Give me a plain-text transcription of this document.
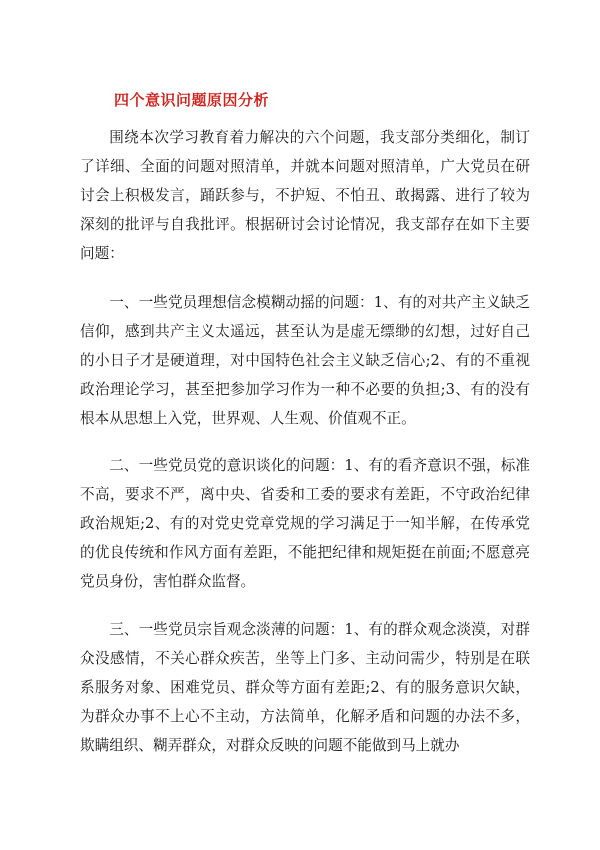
四个意识问题原因分析

围绕本次学习教育着力解决的六个问题，我支部分类细化，制订了详细、全面的问题对照清单，并就本问题对照清单，广大党员在研讨会上积极发言，踊跃参与，不护短、不怕丑、敢揭露、进行了较为深刻的批评与自我批评。根据研讨会讨论情况，我支部存在如下主要问题：

一、一些党员理想信念模糊动摇的问题：1、有的对共产主义缺乏信仰，感到共产主义太遥远，甚至认为是虚无缥缈的幻想，过好自己的小日子才是硬道理，对中国特色社会主义缺乏信心;2、有的不重视政治理论学习，甚至把参加学习作为一种不必要的负担;3、有的没有根本从思想上入党，世界观、人生观、价值观不正。

二、一些党员党的意识谈化的问题：1、有的看齐意识不强，标准不高，要求不严，离中央、省委和工委的要求有差距，不守政治纪律政治规矩;2、有的对党史党章党规的学习满足于一知半解，在传承党的优良传统和作风方面有差距，不能把纪律和规矩挺在前面;不愿意亮党员身份，害怕群众监督。

三、一些党员宗旨观念淡薄的问题：1、有的群众观念淡漠，对群众没感情，不关心群众疾苦，坐等上门多、主动问需少，特别是在联系服务对象、困难党员、群众等方面有差距;2、有的服务意识欠缺，为群众办事不上心不主动，方法简单，化解矛盾和问题的办法不多，欺瞒组织、糊弄群众，对群众反映的问题不能做到马上就办
